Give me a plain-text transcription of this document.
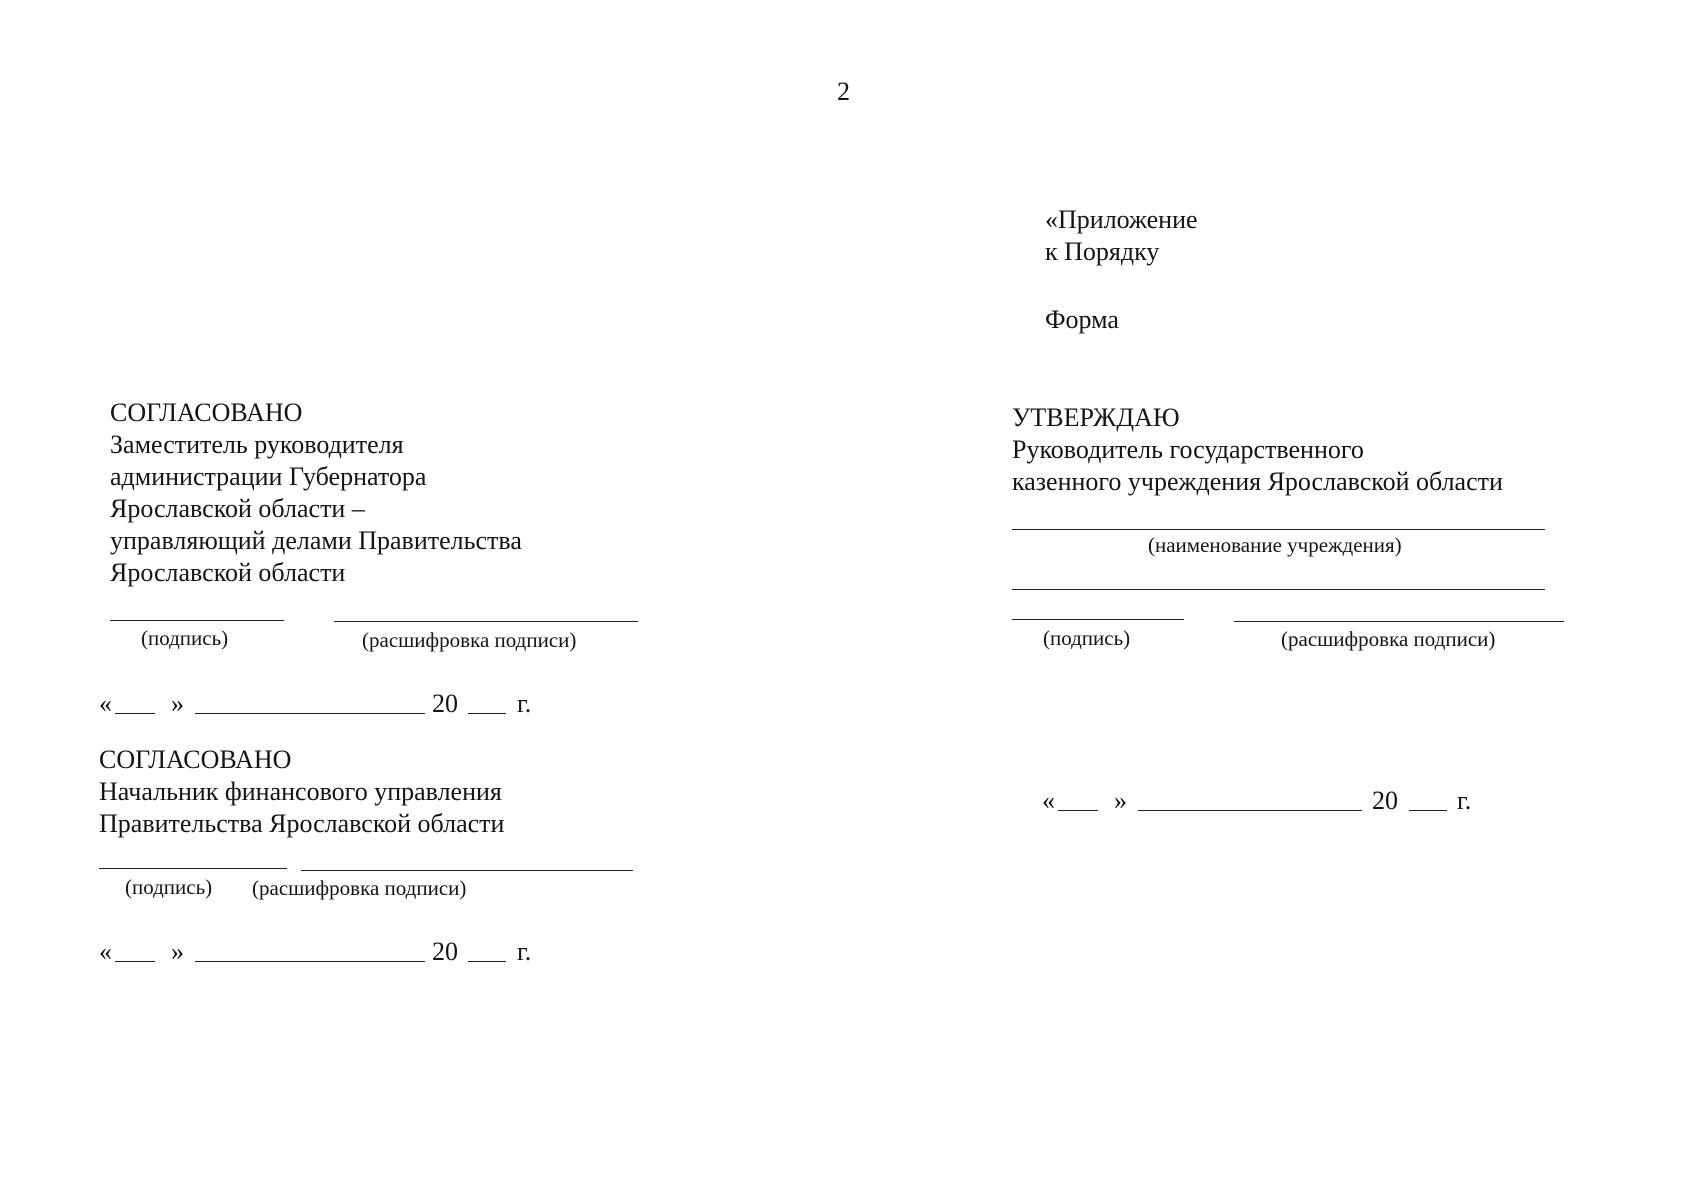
2
«Приложение
к Порядку
Форма
УТВЕРЖДАЮ
Руководитель государственного
казенного учреждения Ярославской области
(наименование учреждения)
(подпись)	(расшифровка подписи)
« »	20 г.
СОГЛАСОВАНО
Заместитель руководителя
администрации Губернатора
Ярославской области –
управляющий делами Правительства
Ярославской области
(подпись)	(расшифровка подписи)
« »	20 г.
СОГЛАСОВАНО
Начальник финансового управления
Правительства Ярославской области
(подпись) (расшифровка подписи)
« »	20 г.
